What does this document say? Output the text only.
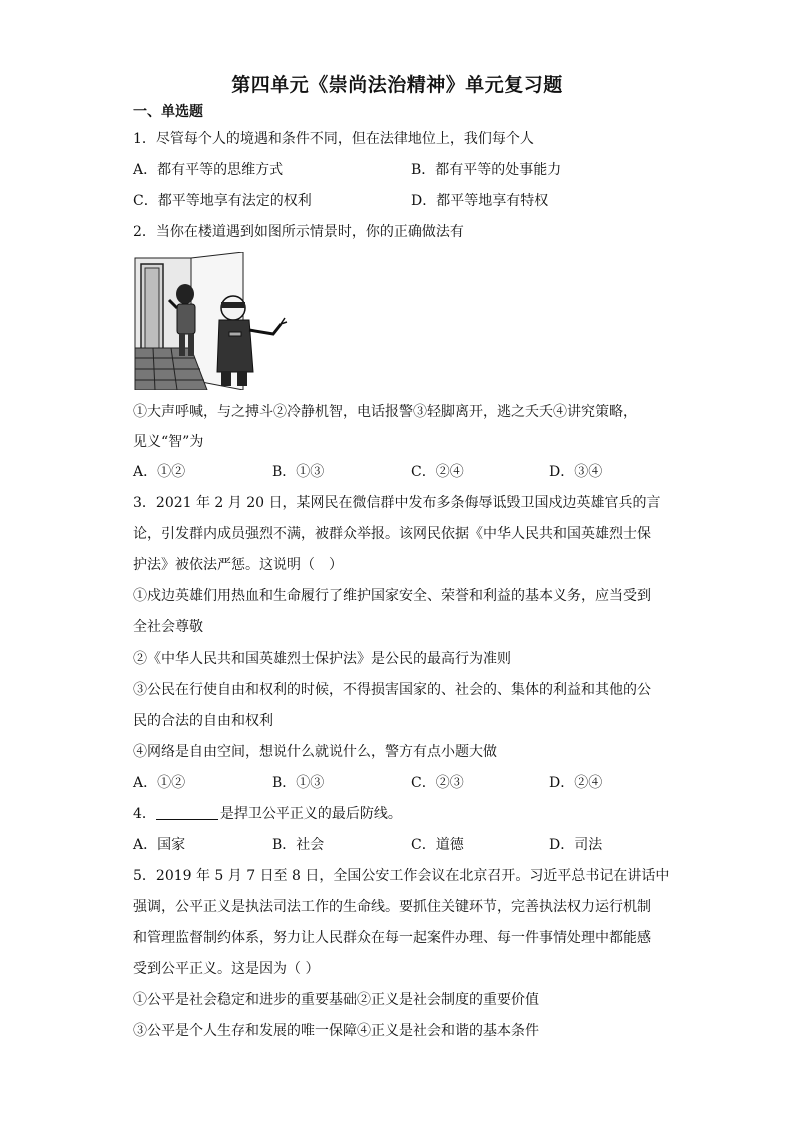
第四单元《崇尚法治精神》单元复习题
一、单选题
1．尽管每个人的境遇和条件不同，但在法律地位上，我们每个人
A．都有平等的思维方式	B．都有平等的处事能力
C．都平等地享有法定的权利	D．都平等地享有特权
2．当你在楼道遇到如图所示情景时，你的正确做法有
①大声呼喊，与之搏斗②冷静机智，电话报警③轻脚离开，逃之夭夭④讲究策略，
见义“智”为
A．①②	B．①③	C．②④	D．③④
3．2021 年 2 月 20 日，某网民在微信群中发布多条侮辱诋毁卫国戍边英雄官兵的言
论，引发群内成员强烈不满，被群众举报。该网民依据《中华人民共和国英雄烈士保
护法》被依法严惩。这说明（　）
①戍边英雄们用热血和生命履行了维护国家安全、荣誉和利益的基本义务，应当受到
全社会尊敬
②《中华人民共和国英雄烈士保护法》是公民的最高行为准则
③公民在行使自由和权利的时候，不得损害国家的、社会的、集体的利益和其他的公
民的合法的自由和权利
④网络是自由空间，想说什么就说什么，警方有点小题大做
A．①②	B．①③	C．②③	D．②④
4．	是捍卫公平正义的最后防线。
A．国家	B．社会	C．道德	D．司法
5．2019 年 5 月 7 日至 8 日，全国公安工作会议在北京召开。习近平总书记在讲话中
强调，公平正义是执法司法工作的生命线。要抓住关键环节，完善执法权力运行机制
和管理监督制约体系，努力让人民群众在每一起案件办理、每一件事情处理中都能感
受到公平正义。这是因为（ ）
①公平是社会稳定和进步的重要基础②正义是社会制度的重要价值
③公平是个人生存和发展的唯一保障④正义是社会和谐的基本条件
